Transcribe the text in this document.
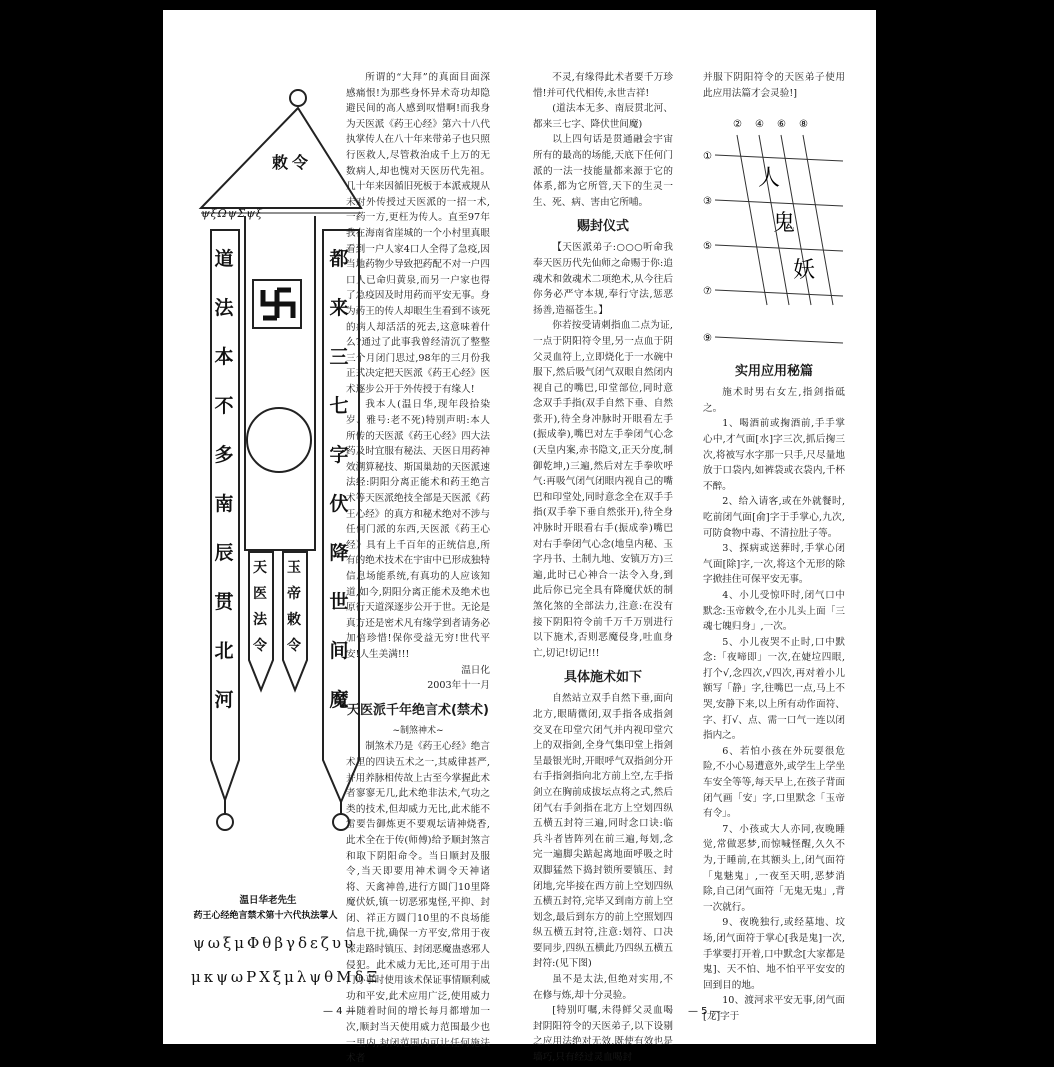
敕令
ψξΩψΣψξ
道
法
本
不
多
南
辰
贯
北
河
都
来
三
七
字
伏
降
世
间
魔
天
医
法
令
玉
帝
敕
令
温日华老先生
药王心经绝言禁术第十六代执法掌人
ψωξμΦθβγδεζυυ
μκψωΡΧξμλψθΜδΞ

所谓的“大拜”的真面目面深感痛恨!为那些身怀异术奇功却隐避民间的高人感到叹惜啊!而我身为天医派《药王心经》第六十八代执掌传人在八十年来带弟子也只照行医救人,尽管救治成千上万的无数病人,却也愧对天医历代先祖。几十年来因循旧死板于本派戒规从未对外传授过天医派的一招一术,一药一方,更枉为传人。直至97年我在海南省崖城的一个小村里真眼看到一户人家4口人全得了急疫,因当地药物少导致把药配不对一户四口人已命归黄泉,而另一户家也得了急疫因及时用药而平安无事。身为药王的传人却眼生生看到不该死的病人却活活的死去,这意味着什么?通过了此事我曾经清沉了整整三个月闭门思过,98年的三月份我正式决定把天医派《药王心经》医术逐步公开于外传授于有缘人!

我本人(温日华,现年段拾染岁、雅号:老不死)特别声明:本人所传的天医派《药王心经》四大法药及时宜服有秘法、天医日用药神效溯算秘技、斯国巢劫的天医派速法经:阴阳分离正能术和药王绝言术等天医派绝技全部是天医派《药王心经》的真方和秘术绝对不涉与任何门派的东西,天医派《药王心经》具有上千百年的正统信息,所有的绝术技术在宇宙中已形成独特信息场能系统,有真功的人应该知道,如今,阴阳分离正能术及绝术也原行天道深逐步公开于世。无论是真方还是密术凡有缘学到者请务必加倍珍惜!保你受益无穷!世代平安!人生美满!!!

温日化

2003年十一月

天医派千年绝言术(禁术)

~制煞神术~

制煞术乃是《药王心经》绝言术里的四诀五术之一,其威律甚严,并用养脉相传故上古至今掌握此术者寥寥无几,此术绝非法术,气功之类的技术,但却威力无比,此术能不雷要告御炼更不要观坛请神烧香,此术全在于传(师傅)给予顺封煞言和取下阴阳命令。当日顺封及服令,当天即要用神术调令天神诸将、天禽神兽,进行方圆门10里降魔伏妖,镇一切恶邪鬼怪,平抑、封闭、祥正方圆门10里的不良场能信息干扰,确保一方平安,常用于夜深走路时镇压、封闭恶魔蛊惑邪人侵犯。此术威力无比,还可用于出门办事时使用该术保证事情顺利威功和平安,此术应用广泛,使用威力并随着时间的增长每月都增加一次,顺封当天使用威力范围最少也一里内,封闭范围内可让任何施法术者

不灵,有缘得此术者要千万珍惜!并可代代相传,永世吉祥!

(道法本无多、南辰贯北河、都来三七字、降伏世间魔)

以上四句话是贯通融会宇宙所有的最高的场能,天底下任何门派的一法一技能量都来源于它的体系,都为它所管,天下的生灵一生、死、病、害由它所哺。

赐封仪式

【天医派弟子:○○○听命我奉天医历代先仙师之命赐于你:追魂术和敛魂术二项绝术,从今往后你务必严守本规,奉行守法,惩恶扬善,造福苍生。】

你若按受请刺指血二点为证,一点于阴阳符令里,另一点血于阴父灵血符上,立即烧化于一水碗中服下,然后吸气闭气双眼自然闭内视自己的嘴巴,印堂部位,同时意念双手手指(双手自然下垂、自然张开),待全身冲脉时开眼看左手(振成拳),嘴巴对左手拳闭气心念(天皇内案,赤书隐文,正天分度,制御乾坤,)三遍,然后对左手拳吹呼气:再吸气闭气闭眼内视自己的嘴巴和印堂处,同时意念全在双手手指(双手拳下垂自然张开),待全身冲脉时开眼看右手(振成拳)嘴巴对右手拳闭气心念(地皇内秘、玉字丹书、土制九地、安镇万方)三遍,此时已心神合一法令入身,到此后你已完全具有降魔伏妖的制煞化煞的全部法力,注意:在没有接下阴阳符令前千万千万别进行以下施术,否则恶魔侵身,吐血身亡,切记!切记!!!

具体施术如下

自然站立双手自然下垂,面向北方,眼睛微闭,双手指各成指剑交叉在印堂穴闭气并内视印堂穴上的双指剑,全身气集印堂上指剑呈最银光时,开眼呼气双指剑分开右手指剑指向北方前上空,左手指剑立在胸前成拔坛点将之式,然后闭气右手剑指在北方上空划四纵五横五封符三遍,同时念口诀:临兵斗者皆阵列在前三遍,每划,念完一遍脚尖踮起离地面呼吸之时双脚猛然下捣封锁所要镇压、封闭地,完毕接在西方前上空划四纵五横五封符,完毕又到南方前上空划念,最后到东方的前上空照划四纵五横五封符,注意:划符、口决要同步,四纵五横此乃四纵五横五封符:(见下图)

虽不是太法,但绝对实用,不在修与炼,却十分灵验。

[特别叮嘱,未得鲜父灵血喝封阴阳符令的天医弟子,以下设剔之应用法绝对无效,既使有效也是墙巧,只有经过灵血喝封

并服下阴阳符令的天医弟子使用此应用法篇才会灵验!]

② ④ ⑥ ⑧
①
③
⑤
⑦
⑨
人
鬼
妖
实用应用秘篇

施术时男右女左,指剑指砥之。

1、喝酒前或掬酒前,手手掌心中,才气面[水]字三次,抓后掬三次,将被写水字那一只手,尺尽量地放于口袋内,如裤袋或衣袋内,千杯不醉。

2、给入请客,或在外就餐时,吃前闭气面[俞]字于手掌心,九次,可防食物中毒、不清拉肚子等。

3、探病或送葬时,手掌心闭气面[除]字,一次,将这个无形的除字掀挂住可保平安无事。

4、小儿受惊吓时,闭气口中默念:玉帝敕令,在小儿头上面「三魂七魄归身」,一次。

5、小儿夜哭不止时,口中默念:「夜啼即」一次,在婕垃四眼,打个√,念四次,√四次,再对着小儿额写「静」字,往嘴巴一点,马上不哭,安静下来,以上所有动作面符、字、打√、点、需一口气一连以闭指内之。

6、若怕小孩在外玩耍很危险,不小心易遭意外,或学生上学坐车安全等等,每天早上,在孩子背面闭气画「安」字,口里默念「玉帝有令」。

7、小孩或大人亦同,夜晚睡觉,常做恶梦,而惊喊怪醒,久久不为,于睡前,在其额头上,闭气面符「鬼魅鬼」,一夜至天明,恶梦消除,自己闭气面符「无鬼无鬼」,背一次就行。

9、夜晚独行,或经墓地、坟场,闭气面符于掌心[我是鬼]一次,手掌要打开着,口中默念[大家都是鬼]、天不怕、地不怕平平安安的回到目的地。

10、渡河求平安无事,闭气面[龙]字于

— 4 —	— 5 —
